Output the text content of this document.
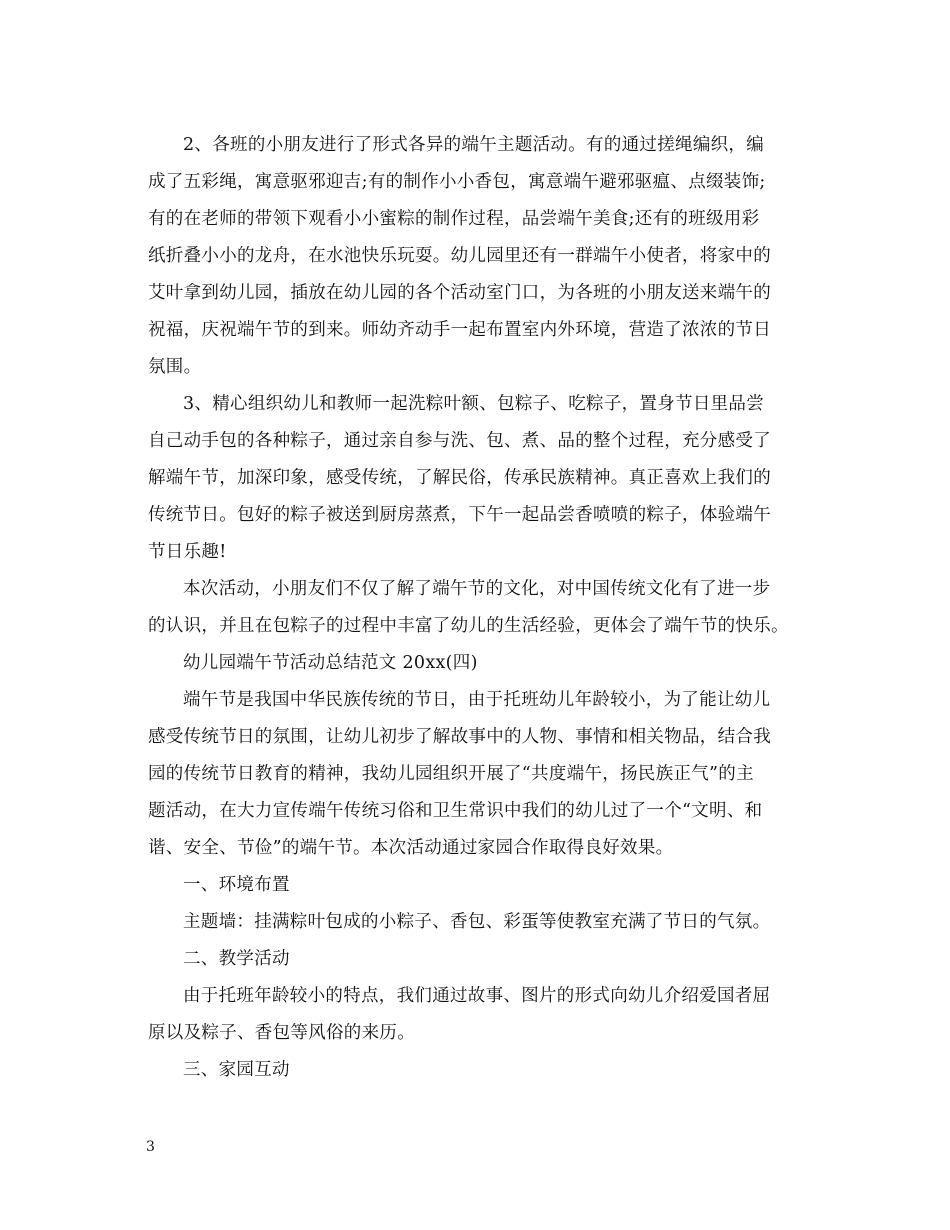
2、各班的小朋友进行了形式各异的端午主题活动。有的通过搓绳编织，编
成了五彩绳，寓意驱邪迎吉;有的制作小小香包，寓意端午避邪驱瘟、点缀装饰;
有的在老师的带领下观看小小蜜粽的制作过程，品尝端午美食;还有的班级用彩
纸折叠小小的龙舟，在水池快乐玩耍。幼儿园里还有一群端午小使者，将家中的
艾叶拿到幼儿园，插放在幼儿园的各个活动室门口，为各班的小朋友送来端午的
祝福，庆祝端午节的到来。师幼齐动手一起布置室内外环境，营造了浓浓的节日
氛围。
3、精心组织幼儿和教师一起洗粽叶额、包粽子、吃粽子，置身节日里品尝
自己动手包的各种粽子，通过亲自参与洗、包、煮、品的整个过程，充分感受了
解端午节，加深印象，感受传统，了解民俗，传承民族精神。真正喜欢上我们的
传统节日。包好的粽子被送到厨房蒸煮，下午一起品尝香喷喷的粽子，体验端午
节日乐趣!
本次活动，小朋友们不仅了解了端午节的文化，对中国传统文化有了进一步
的认识，并且在包粽子的过程中丰富了幼儿的生活经验，更体会了端午节的快乐。
幼儿园端午节活动总结范文 20xx(四)
端午节是我国中华民族传统的节日，由于托班幼儿年龄较小，为了能让幼儿
感受传统节日的氛围，让幼儿初步了解故事中的人物、事情和相关物品，结合我
园的传统节日教育的精神，我幼儿园组织开展了“共度端午，扬民族正气”的主
题活动，在大力宣传端午传统习俗和卫生常识中我们的幼儿过了一个“文明、和
谐、安全、节俭”的端午节。本次活动通过家园合作取得良好效果。
一、环境布置
主题墙：挂满粽叶包成的小粽子、香包、彩蛋等使教室充满了节日的气氛。
二、教学活动
由于托班年龄较小的特点，我们通过故事、图片的形式向幼儿介绍爱国者屈
原以及粽子、香包等风俗的来历。
三、家园互动
3
